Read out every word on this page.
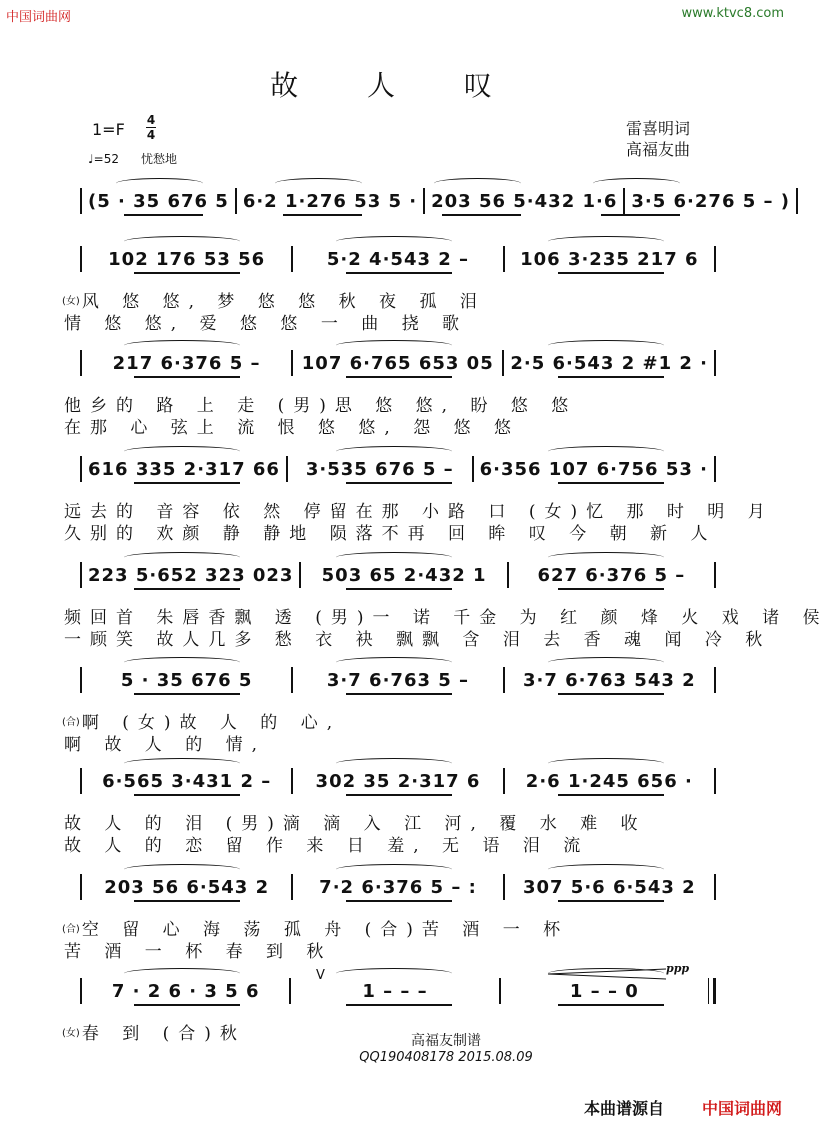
中国词曲网	www.ktvc8.com
故 人 叹
1=F 4
4
♩=52 忧愁地
雷喜明词
高福友曲
(5 · 35 676 5 6·2 1·276 53 5 · 203 56 5·432 1·6 3·5 6·276 5 – )
102 176 53 56	5·2 4·543 2 –	106 3·235 217 6
(女) 风 悠 悠, 梦 悠 悠 秋 夜 孤 泪
情 悠 悠, 爱 悠 悠 一 曲 挠 歌
217 6·376 5 –	107 6·765 653 05 2·5 6·543 2 #1 2 ·
他乡的 路 上 走 (男)思 悠 悠, 盼 悠 悠
在那 心 弦上 流 恨 悠 悠, 怨 悠 悠
616 335 2·317 66	3·535 676 5 –	6·356 107 6·756 53 ·
远去的 音容 依 然 停留在那 小路 口 (女)忆 那 时 明 月
久别的 欢颜 静 静地 陨落不再 回 眸 叹 今 朝 新 人
223 5·652 323 023	503 65 2·432 1	627 6·376 5 –
频回首 朱唇香飘 透 (男)一 诺 千金 为 红 颜 烽 火 戏 诸 侯
一顾笑 故人几多 愁 衣 袂 飘飘 含 泪 去 香 魂 闻 冷 秋
5 · 35 676 5	3·7 6·763 5 –	3·7 6·763 543 2
(合) 啊 (女)故 人 的 心,
啊 故 人 的 情,
6·565 3·431 2 –	302 35 2·317 6	2·6 1·245 656 ·
故 人 的 泪 (男)滴 滴 入 江 河, 覆 水 难 收
故 人 的 恋 留 作 来 日 羞, 无 语 泪 流
203 56 6·543 2	7·2 6·376 5 – :	307 5·6 6·543 2
(合) 空 留 心 海 荡 孤 舟 (合)苦 酒 一 杯
苦 酒 一 杯 春 到 秋
7 · 2 6 · 3 5 6	1 – – –	1 – – 0
(女) 春 到 (合)秋
ppp
V
高福友制谱
QQ190408178 2015.08.09
本曲谱源自 中国词曲网
